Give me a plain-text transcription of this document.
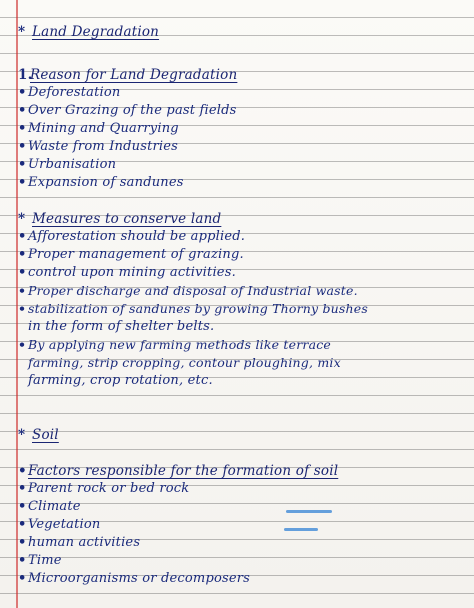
* Land Degradation
1.Reason for Land Degradation
•Deforestation
•Over Grazing of the past fields
•Mining and Quarrying
•Waste from Industries
•Urbanisation
•Expansion of sandunes
* Measures to conserve land
•Afforestation should be applied.
•Proper management of grazing.
•control upon mining activities.
• Proper discharge and disposal of Industrial waste.
• stabilization of sandunes by growing Thorny bushes
in the form of shelter belts.
• By applying new farming methods like terrace
farming, strip cropping, contour ploughing, mix
farming, crop rotation, etc.
* Soil
•Factors responsible for the formation of soil
•Parent rock or bed rock
•Climate
•Vegetation
•human activities
•Time
•Microorganisms or decomposers
